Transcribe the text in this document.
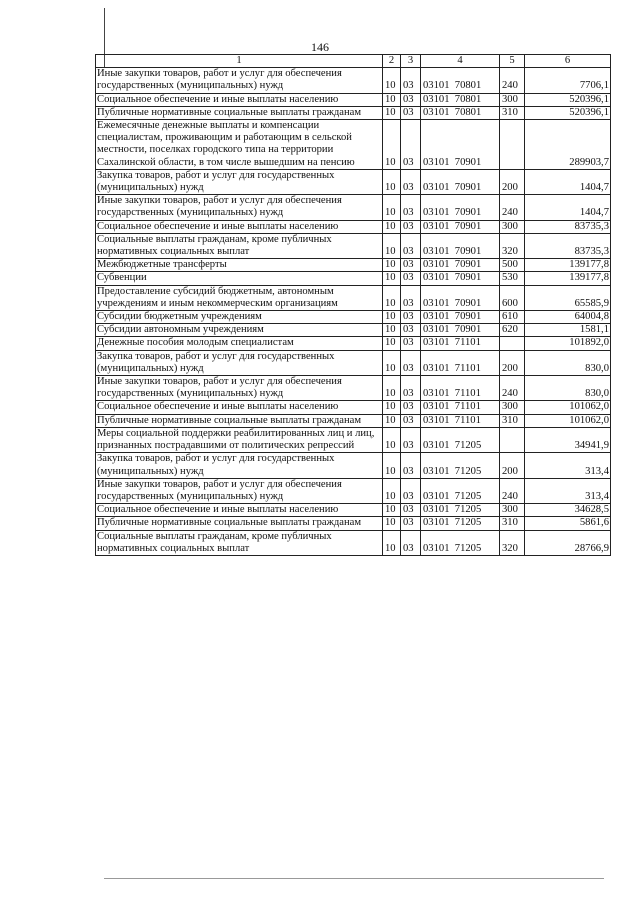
146
1	2	3	4	5	6
Иные закупки товаров, работ и услуг для обеспечения государственных (муниципальных) нужд	10	03	03101  70801	240	7706,1
Социальное обеспечение и иные выплаты населению	10	03	03101  70801	300	520396,1
Публичные нормативные социальные выплаты гражданам	10	03	03101  70801	310	520396,1
Ежемесячные денежные выплаты и компенсации специалистам, проживающим и работающим в сельской местности, поселках городского типа на территории Сахалинской области, в том числе вышедшим на пенсию	10	03	03101  70901		289903,7
Закупка товаров, работ и услуг для государственных (муниципальных) нужд	10	03	03101  70901	200	1404,7
Иные закупки товаров, работ и услуг для обеспечения государственных (муниципальных) нужд	10	03	03101  70901	240	1404,7
Социальное обеспечение и иные выплаты населению	10	03	03101  70901	300	83735,3
Социальные выплаты гражданам, кроме публичных нормативных социальных выплат	10	03	03101  70901	320	83735,3
Межбюджетные трансферты	10	03	03101  70901	500	139177,8
Субвенции	10	03	03101  70901	530	139177,8
Предоставление субсидий бюджетным, автономным учреждениям и иным некоммерческим организациям	10	03	03101  70901	600	65585,9
Субсидии бюджетным учреждениям	10	03	03101  70901	610	64004,8
Субсидии автономным учреждениям	10	03	03101  70901	620	1581,1
Денежные пособия молодым специалистам	10	03	03101  71101		101892,0
Закупка товаров, работ и услуг для государственных (муниципальных) нужд	10	03	03101  71101	200	830,0
Иные закупки товаров, работ и услуг для обеспечения государственных (муниципальных) нужд	10	03	03101  71101	240	830,0
Социальное обеспечение и иные выплаты населению	10	03	03101  71101	300	101062,0
Публичные нормативные социальные выплаты гражданам	10	03	03101  71101	310	101062,0
Меры социальной поддержки реабилитированных лиц и лиц, признанных пострадавшими от политических репрессий	10	03	03101  71205		34941,9
Закупка товаров, работ и услуг для государственных (муниципальных) нужд	10	03	03101  71205	200	313,4
Иные закупки товаров, работ и услуг для обеспечения государственных (муниципальных) нужд	10	03	03101  71205	240	313,4
Социальное обеспечение и иные выплаты населению	10	03	03101  71205	300	34628,5
Публичные нормативные социальные выплаты гражданам	10	03	03101  71205	310	5861,6
Социальные выплаты гражданам, кроме публичных нормативных социальных выплат	10	03	03101  71205	320	28766,9
